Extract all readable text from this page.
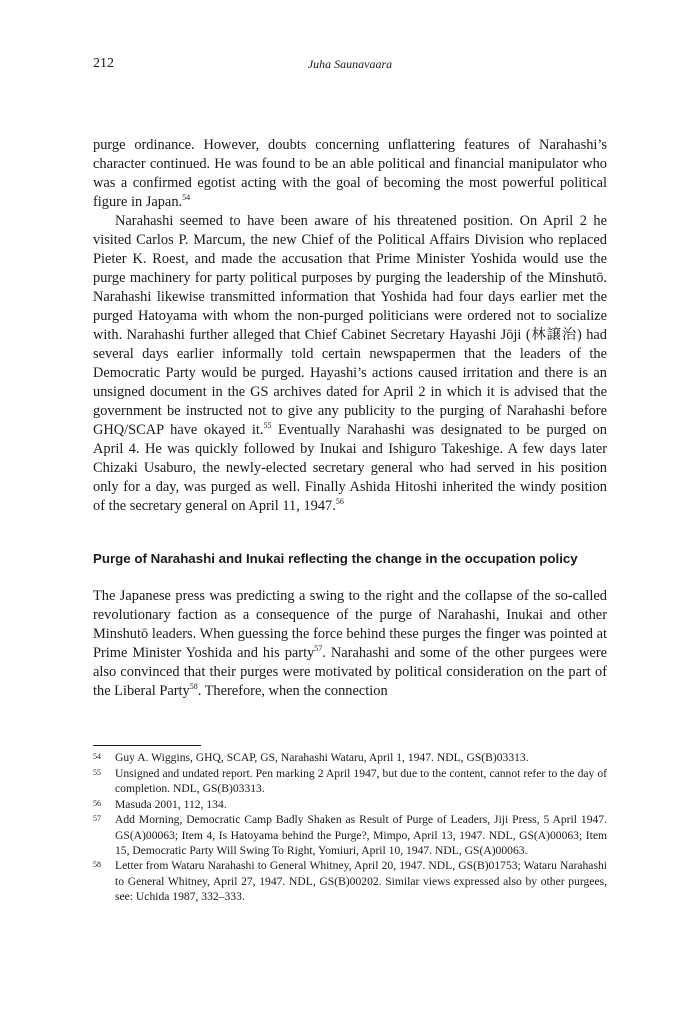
212	Juha Saunavaara

purge ordinance. However, doubts concerning unflattering features of Narahashi’s character continued. He was found to be an able political and financial manipulator who was a confirmed egotist acting with the goal of becoming the most powerful political figure in Japan.$^{54}$

Narahashi seemed to have been aware of his threatened position. On April 2 he visited Carlos P. Marcum, the new Chief of the Political Affairs Division who replaced Pieter K. Roest, and made the accusation that Prime Minister Yoshida would use the purge machinery for party political purposes by purging the leadership of the Minshutō. Narahashi likewise transmitted information that Yoshida had four days earlier met the purged Hatoyama with whom the non-purged politicians were ordered not to socialize with. Narahashi further alleged that Chief Cabinet Secretary Hayashi Jōji (林譲治) had several days earlier informally told certain newspapermen that the leaders of the Democratic Party would be purged. Hayashi’s actions caused irritation and there is an unsigned document in the GS archives dated for April 2 in which it is advised that the government be instructed not to give any publicity to the purging of Narahashi before GHQ/SCAP have okayed it.$^{55}$ Eventually Narahashi was designated to be purged on April 4. He was quickly followed by Inukai and Ishiguro Takeshige. A few days later Chizaki Usaburo, the newly-elected secretary general who had served in his position only for a day, was purged as well. Finally Ashida Hitoshi inherited the windy position of the secretary general on April 11, 1947.56

Purge of Narahashi and Inukai reflecting the change in the occupation policy

The Japanese press was predicting a swing to the right and the collapse of the so-called revolutionary faction as a consequence of the purge of Narahashi, Inukai and other Minshutō leaders. When guessing the force behind these purges the finger was pointed at Prime Minister Yoshida and his party$^{57}$. Narahashi and some of the other purgees were also convinced that their purges were motivated by political consideration on the part of the Liberal Party$^{58}$. Therefore, when the connection

54	Guy A. Wiggins, GHQ, SCAP, GS, Narahashi Wataru, April 1, 1947. NDL, GS(B)03313.
55	Unsigned and undated report. Pen marking 2 April 1947, but due to the content, cannot refer to the day of completion. NDL, GS(B)03313.
56	Masuda 2001, 112, 134.
57	Add Morning, Democratic Camp Badly Shaken as Result of Purge of Leaders, Jiji Press, 5 April 1947. GS(A)00063; Item 4, Is Hatoyama behind the Purge?, Mimpo, April 13, 1947. NDL, GS(A)00063; Item 15, Democratic Party Will Swing To Right, Yomiuri, April 10, 1947. NDL, GS(A)00063.
58	Letter from Wataru Narahashi to General Whitney, April 20, 1947. NDL, GS(B)01753; Wataru Narahashi to General Whitney, April 27, 1947. NDL, GS(B)00202. Similar views expressed also by other purgees, see: Uchida 1987, 332–333.
